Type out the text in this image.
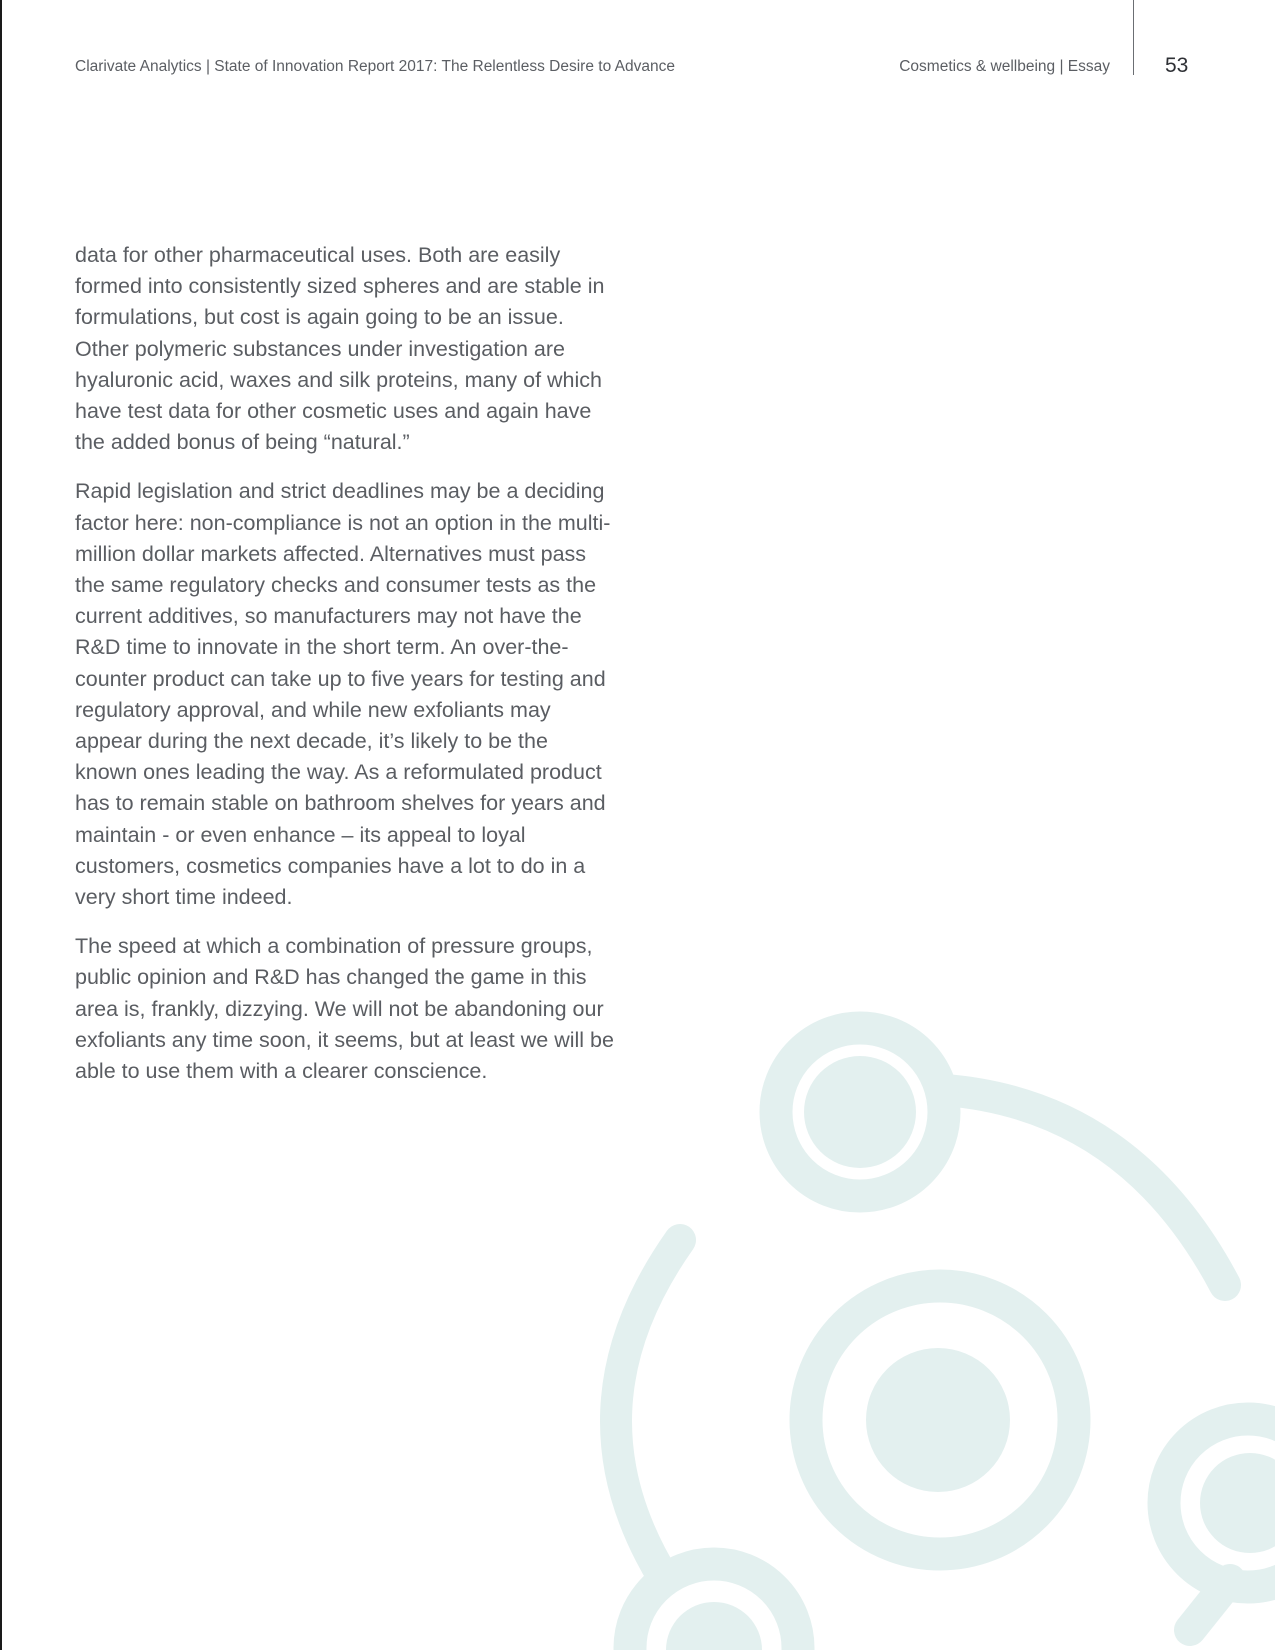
Clarivate Analytics | State of Innovation Report 2017: The Relentless Desire to Advance	Cosmetics & wellbeing | Essay	53

data for other pharmaceutical uses. Both are easily formed into consistently sized spheres and are stable in formulations, but cost is again going to be an issue. Other polymeric substances under investigation are hyaluronic acid, waxes and silk proteins, many of which have test data for other cosmetic uses and again have the added bonus of being “natural.”

Rapid legislation and strict deadlines may be a deciding factor here: non-compliance is not an option in the multi-million dollar markets affected. Alternatives must pass the same regulatory checks and consumer tests as the current additives, so manufacturers may not have the R&D time to innovate in the short term. An over-the-counter product can take up to five years for testing and regulatory approval, and while new exfoliants may appear during the next decade, it’s likely to be the known ones leading the way. As a reformulated product has to remain stable on bathroom shelves for years and maintain - or even enhance – its appeal to loyal customers, cosmetics companies have a lot to do in a very short time indeed.

The speed at which a combination of pressure groups, public opinion and R&D has changed the game in this area is, frankly, dizzying. We will not be abandoning our exfoliants any time soon, it seems, but at least we will be able to use them with a clearer conscience.
